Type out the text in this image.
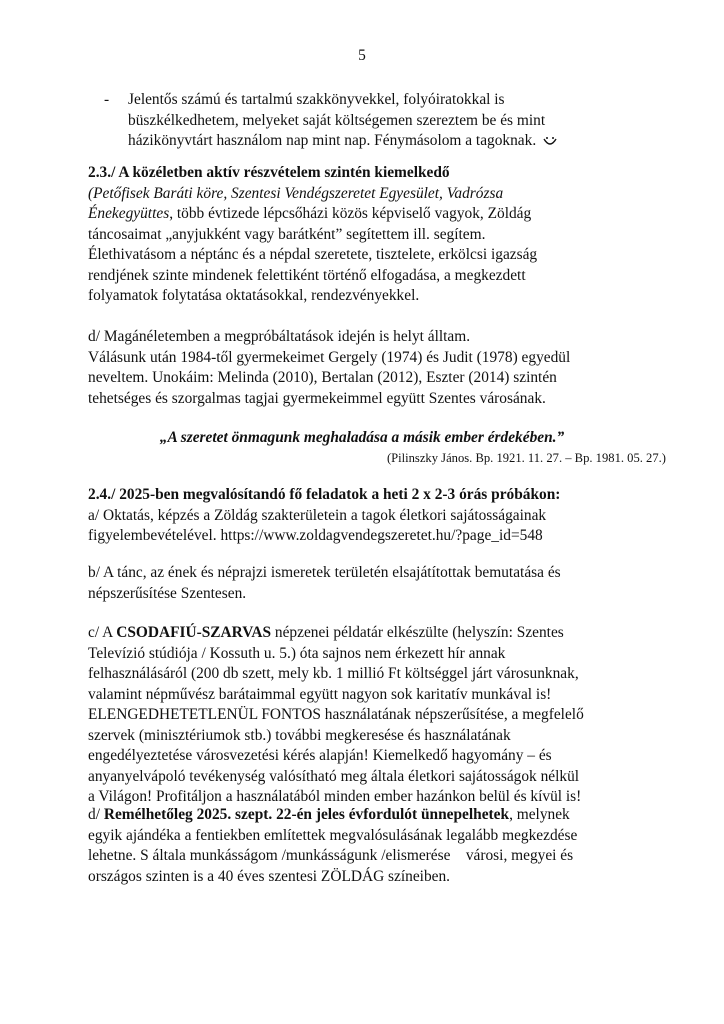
5
- Jelentős számú és tartalmú szakkönyvekkel, folyóiratokkal is
büszkélkedhetem, melyeket saját költségemen szereztem be és mint
házikönyvtárt használom nap mint nap. Fénymásolom a tagoknak.
2.3./ A közéletben aktív részvételem szintén kiemelkedő
(Petőfisek Baráti köre, Szentesi Vendégszeretet Egyesület, Vadrózsa
Énekegyüttes, több évtizede lépcsőházi közös képviselő vagyok, Zöldág
táncosaimat „anyjukként vagy barátként” segítettem ill. segítem.
Élethivatásom a néptánc és a népdal szeretete, tisztelete, erkölcsi igazság
rendjének szinte mindenek felettiként történő elfogadása, a megkezdett
folyamatok folytatása oktatásokkal, rendezvényekkel.
d/ Magánéletemben a megpróbáltatások idején is helyt álltam.
Válásunk után 1984-től gyermekeimet Gergely (1974) és Judit (1978) egyedül
neveltem. Unokáim: Melinda (2010), Bertalan (2012), Eszter (2014) szintén
tehetséges és szorgalmas tagjai gyermekeimmel együtt Szentes városának.
„A szeretet önmagunk meghaladása a másik ember érdekében.”
(Pilinszky János. Bp. 1921. 11. 27. – Bp. 1981. 05. 27.)
2.4./ 2025-ben megvalósítandó fő feladatok a heti 2 x 2-3 órás próbákon:
a/ Oktatás, képzés a Zöldág szakterületein a tagok életkori sajátosságainak
figyelembevételével. https://www.zoldagvendegszeretet.hu/?page_id=548
b/ A tánc, az ének és néprajzi ismeretek területén elsajátítottak bemutatása és
népszerűsítése Szentesen.
c/ A CSODAFIÚ-SZARVAS népzenei példatár elkészülte (helyszín: Szentes
Televízió stúdiója / Kossuth u. 5.) óta sajnos nem érkezett hír annak
felhasználásáról (200 db szett, mely kb. 1 millió Ft költséggel járt városunknak,
valamint népművész barátaimmal együtt nagyon sok karitatív munkával is!
ELENGEDHETETLENÜL FONTOS használatának népszerűsítése, a megfelelő
szervek (minisztériumok stb.) további megkeresése és használatának
engedélyeztetése városvezetési kérés alapján! Kiemelkedő hagyomány – és
anyanyelvápoló tevékenység valósítható meg általa életkori sajátosságok nélkül
a Világon! Profitáljon a használatából minden ember hazánkon belül és kívül is!
d/ Remélhetőleg 2025. szept. 22-én jeles évfordulót ünnepelhetek, melynek
egyik ajándéka a fentiekben említettek megvalósulásának legalább megkezdése
lehetne. S általa munkásságom /munkásságunk /elismerése    városi, megyei és
országos szinten is a 40 éves szentesi ZÖLDÁG színeiben.
